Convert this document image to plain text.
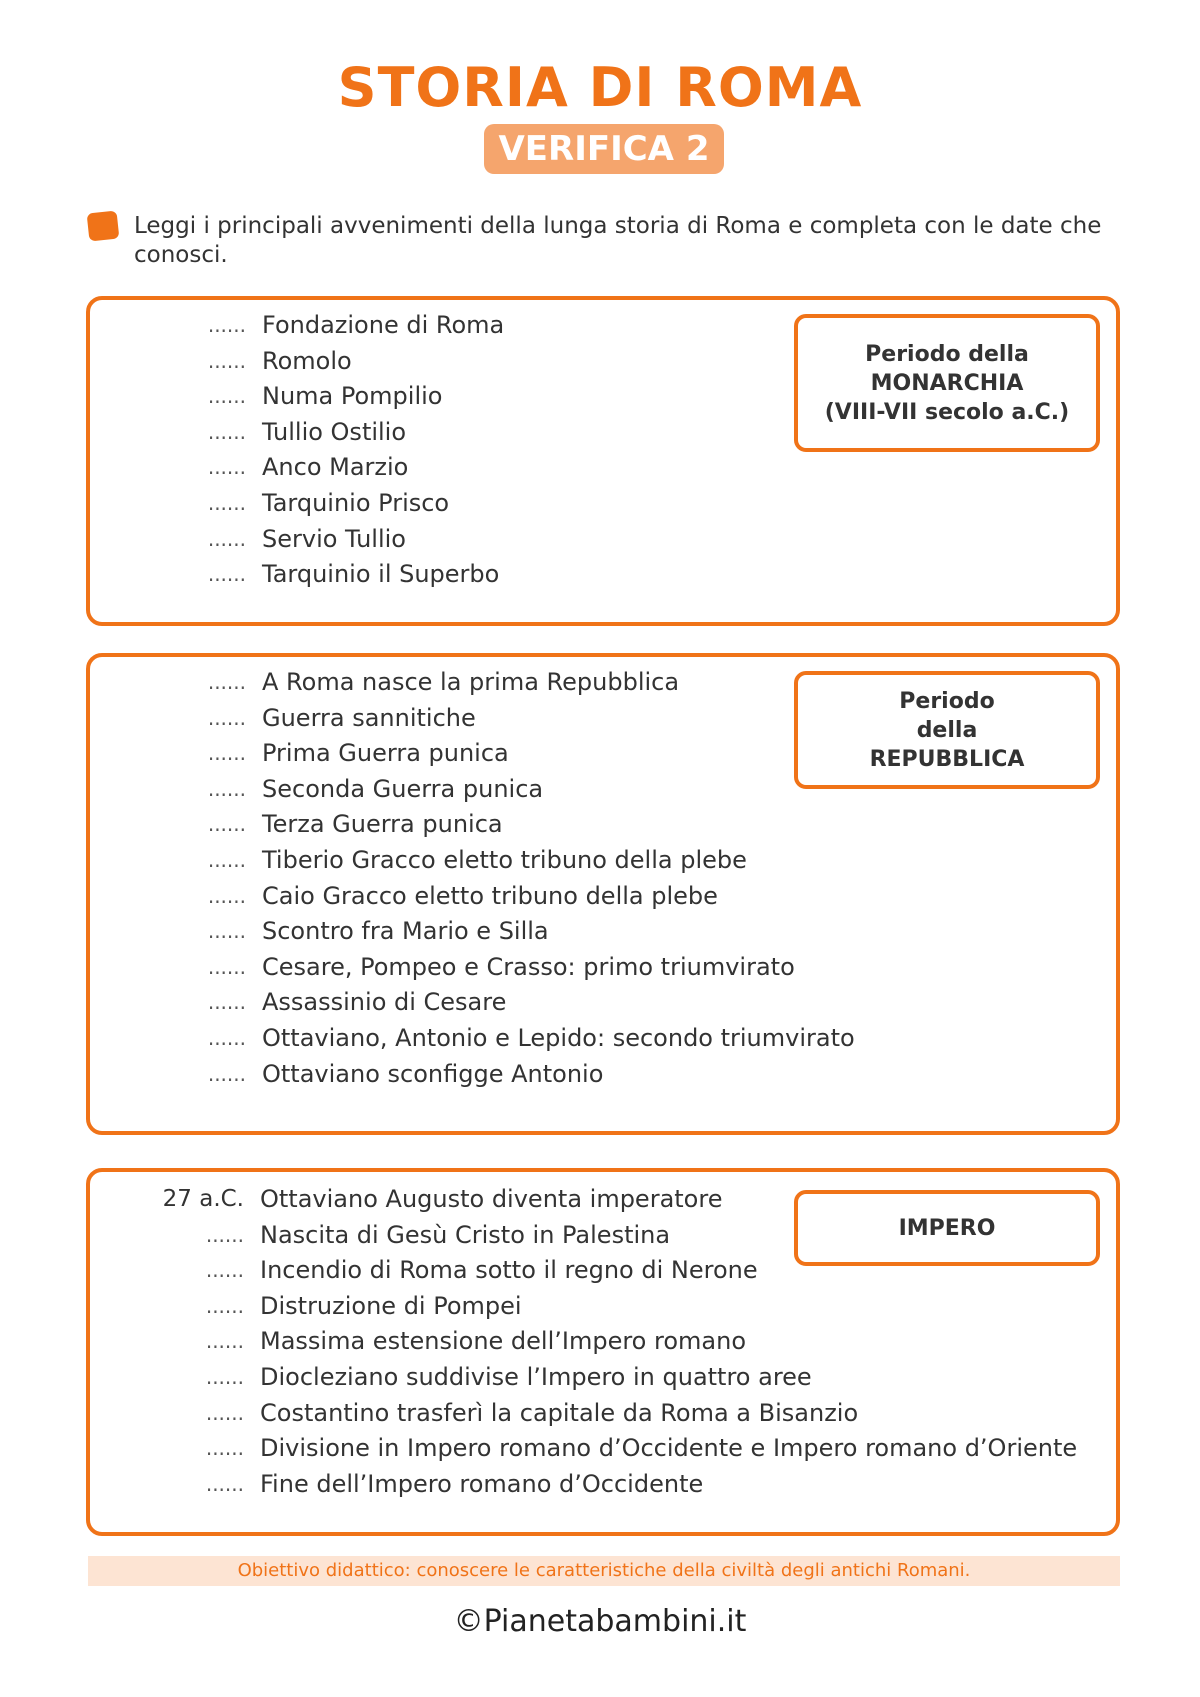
STORIA DI ROMA
VERIFICA 2
Leggi i principali avvenimenti della lunga storia di Roma e completa con le date che conosci.
...... Fondazione di Roma
...... Romolo
...... Numa Pompilio
...... Tullio Ostilio
...... Anco Marzio
...... Tarquinio Prisco
...... Servio Tullio
...... Tarquinio il Superbo
Periodo della
MONARCHIA
(VIII-VII secolo a.C.)
...... A Roma nasce la prima Repubblica
...... Guerra sannitiche
...... Prima Guerra punica
...... Seconda Guerra punica
...... Terza Guerra punica
...... Tiberio Gracco eletto tribuno della plebe
...... Caio Gracco eletto tribuno della plebe
...... Scontro fra Mario e Silla
...... Cesare, Pompeo e Crasso: primo triumvirato
...... Assassinio di Cesare
...... Ottaviano, Antonio e Lepido: secondo triumvirato
...... Ottaviano sconfigge Antonio
Periodo
della
REPUBBLICA
27 a.C. Ottaviano Augusto diventa imperatore
...... Nascita di Gesù Cristo in Palestina
...... Incendio di Roma sotto il regno di Nerone
...... Distruzione di Pompei
...... Massima estensione dell’Impero romano
...... Diocleziano suddivise l’Impero in quattro aree
...... Costantino trasferì la capitale da Roma a Bisanzio
...... Divisione in Impero romano d’Occidente e Impero romano d’Oriente
...... Fine dell’Impero romano d’Occidente
IMPERO
Obiettivo didattico: conoscere le caratteristiche della civiltà degli antichi Romani.
©Pianetabambini.it
